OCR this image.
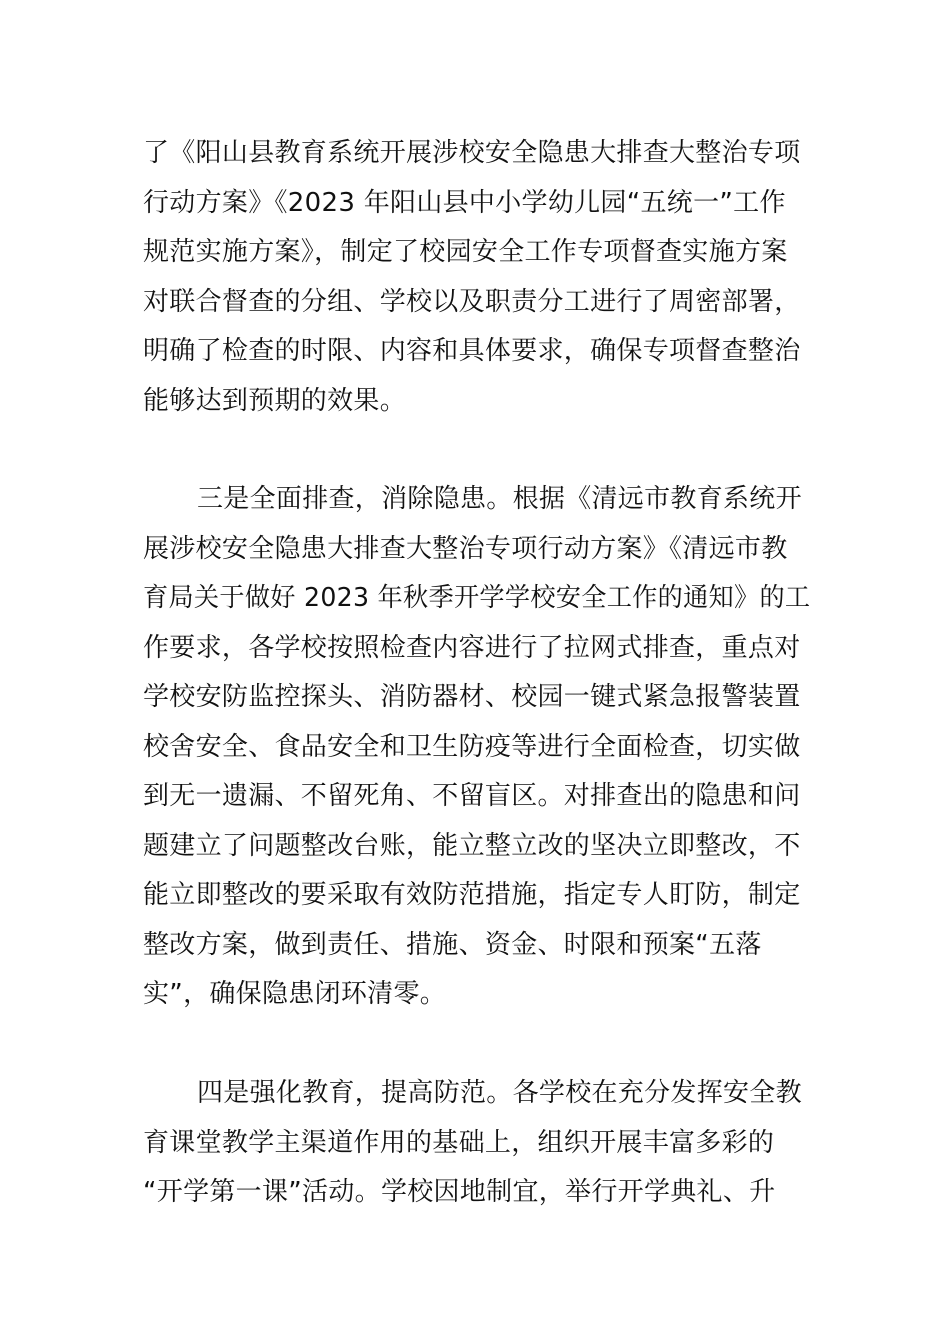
了《阳山县教育系统开展涉校安全隐患大排查大整治专项
行动方案》《2023 年阳山县中小学幼儿园“五统一”工作
规范实施方案》，制定了校园安全工作专项督查实施方案
对联合督查的分组、学校以及职责分工进行了周密部署，
明确了检查的时限、内容和具体要求，确保专项督查整治
能够达到预期的效果。
三是全面排查，消除隐患。根据《清远市教育系统开
展涉校安全隐患大排查大整治专项行动方案》《清远市教
育局关于做好 2023 年秋季开学学校安全工作的通知》的工
作要求，各学校按照检查内容进行了拉网式排查，重点对
学校安防监控探头、消防器材、校园一键式紧急报警装置
校舍安全、食品安全和卫生防疫等进行全面检查，切实做
到无一遗漏、不留死角、不留盲区。对排查出的隐患和问
题建立了问题整改台账，能立整立改的坚决立即整改，不
能立即整改的要采取有效防范措施，指定专人盯防，制定
整改方案，做到责任、措施、资金、时限和预案“五落
实”，确保隐患闭环清零。
四是强化教育，提高防范。各学校在充分发挥安全教
育课堂教学主渠道作用的基础上，组织开展丰富多彩的
“开学第一课”活动。学校因地制宜，举行开学典礼、升
